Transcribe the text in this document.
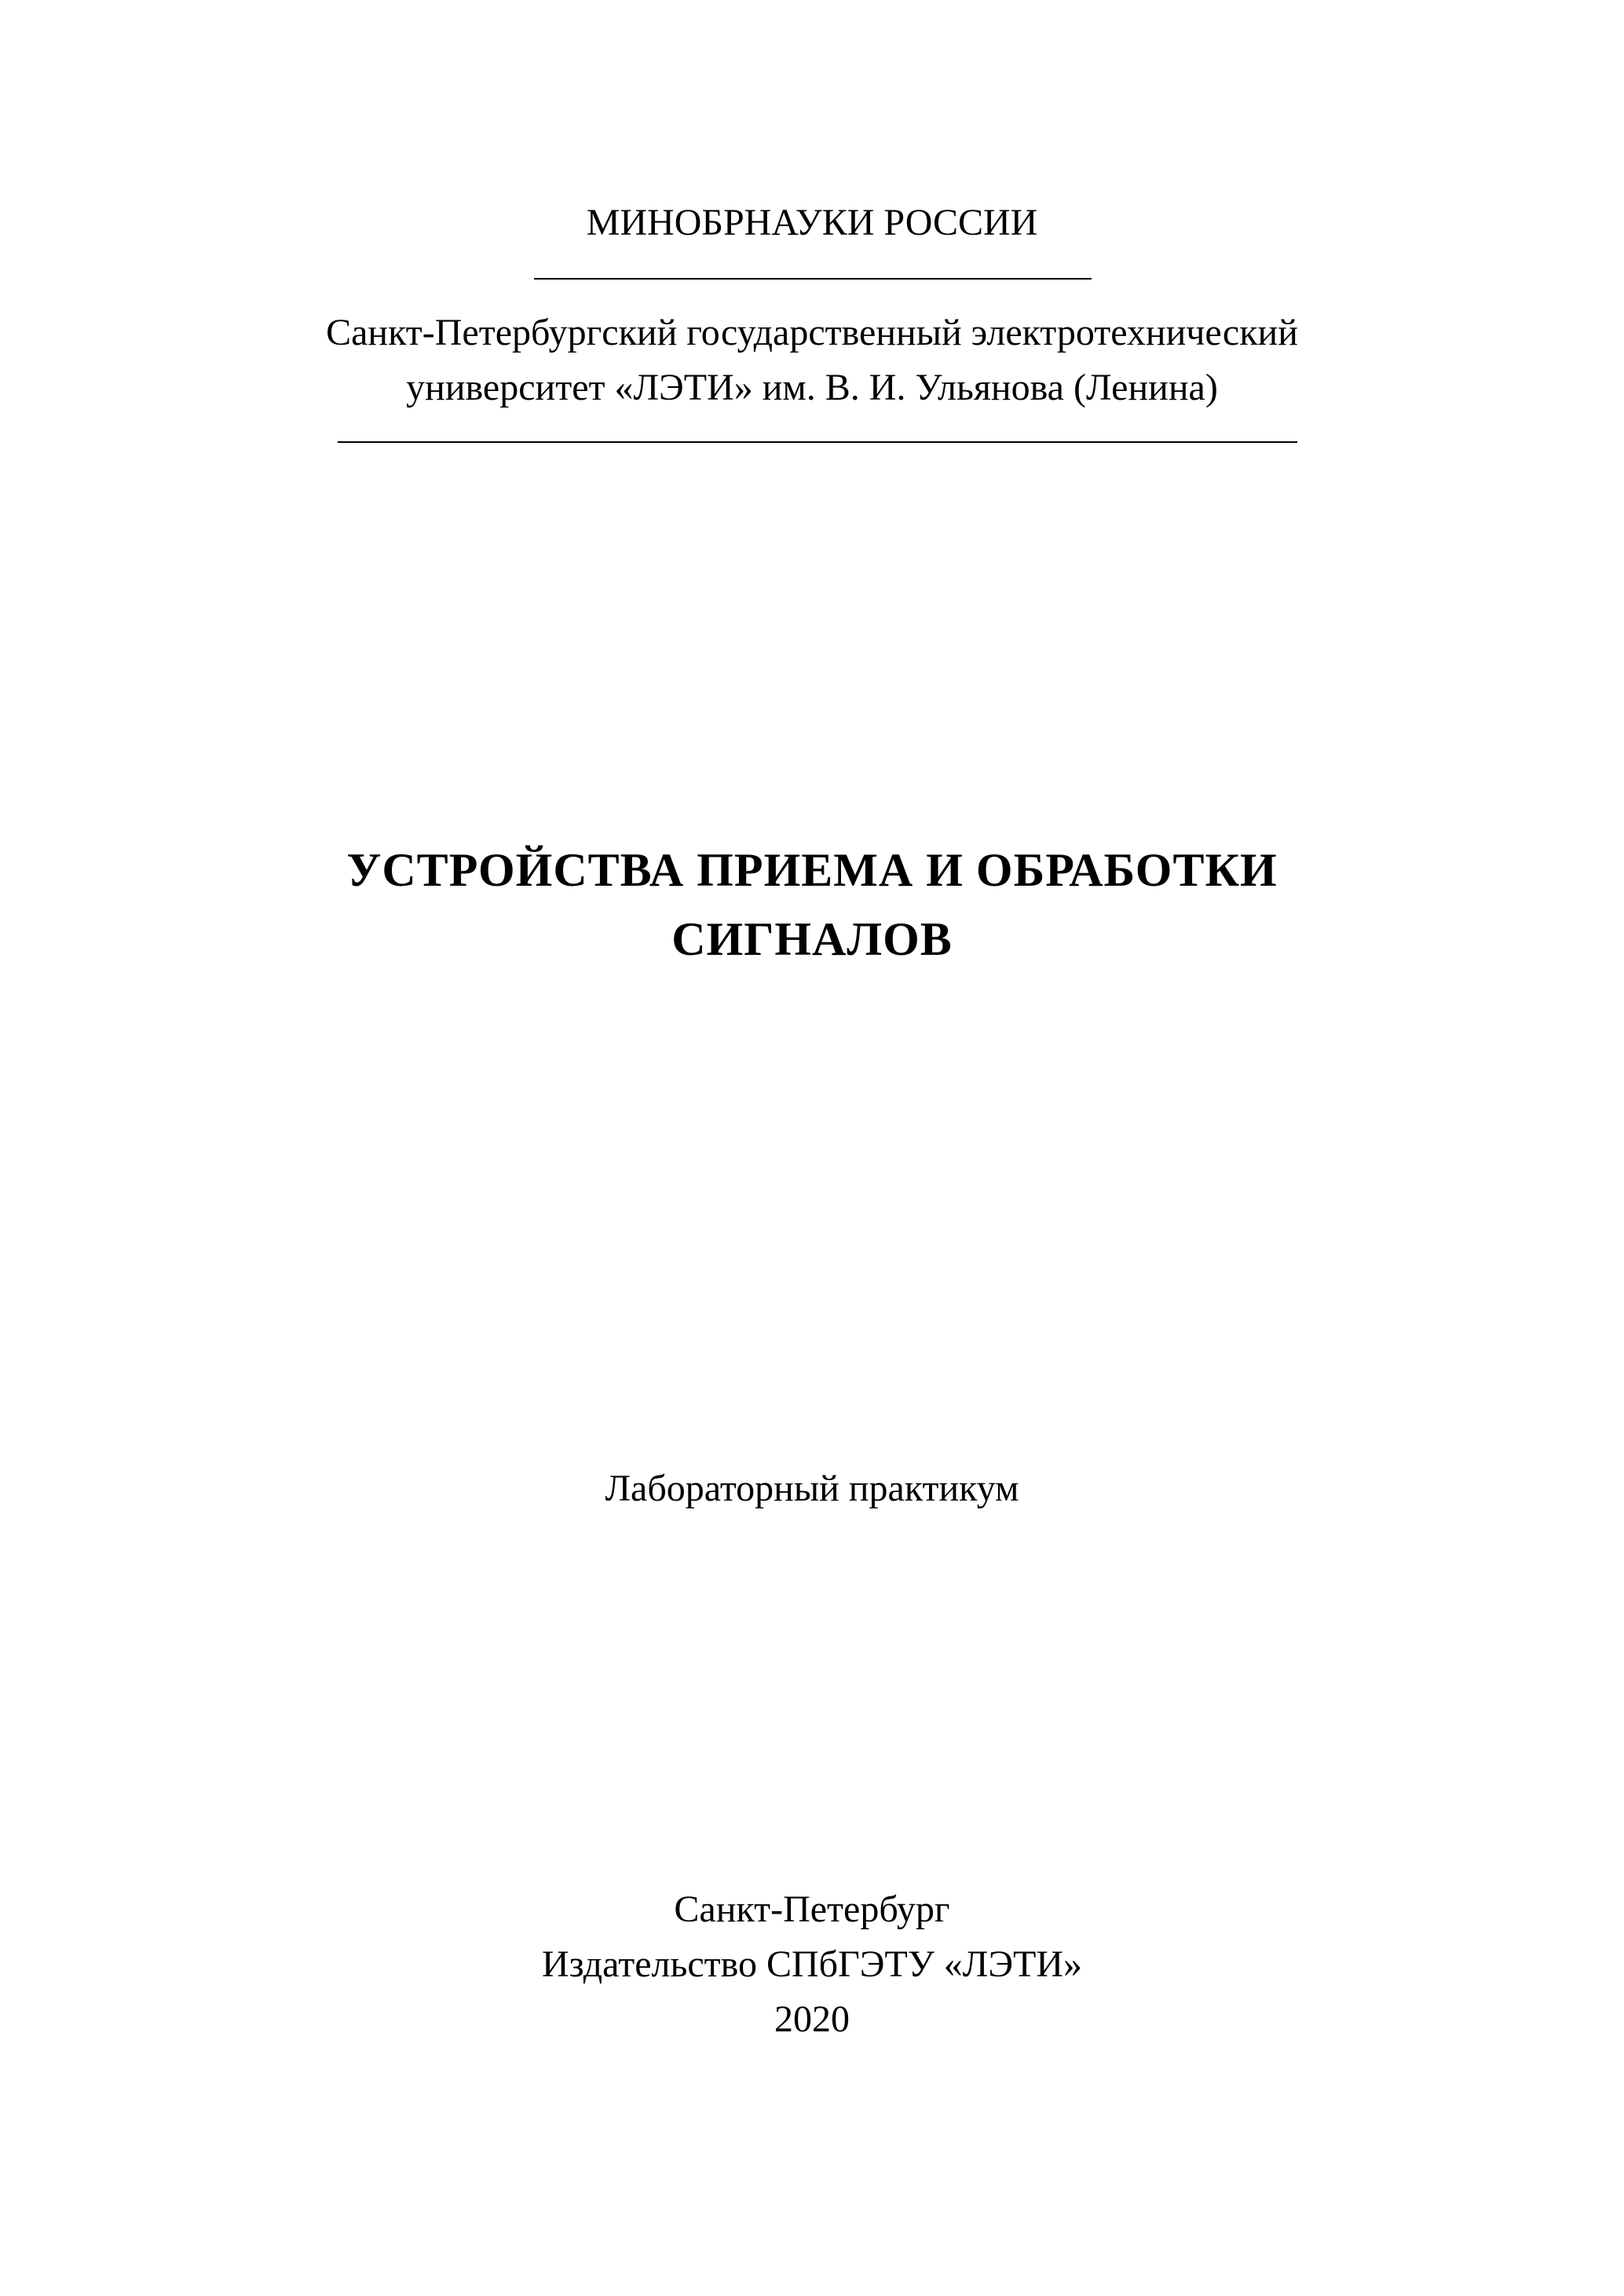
МИНОБРНАУКИ РОССИИ
Санкт-Петербургский государственный электротехнический
университет «ЛЭТИ» им. В. И. Ульянова (Ленина)
УСТРОЙСТВА ПРИЕМА И ОБРАБОТКИ
СИГНАЛОВ
Лабораторный практикум
Санкт-Петербург
Издательство СПбГЭТУ «ЛЭТИ»
2020
